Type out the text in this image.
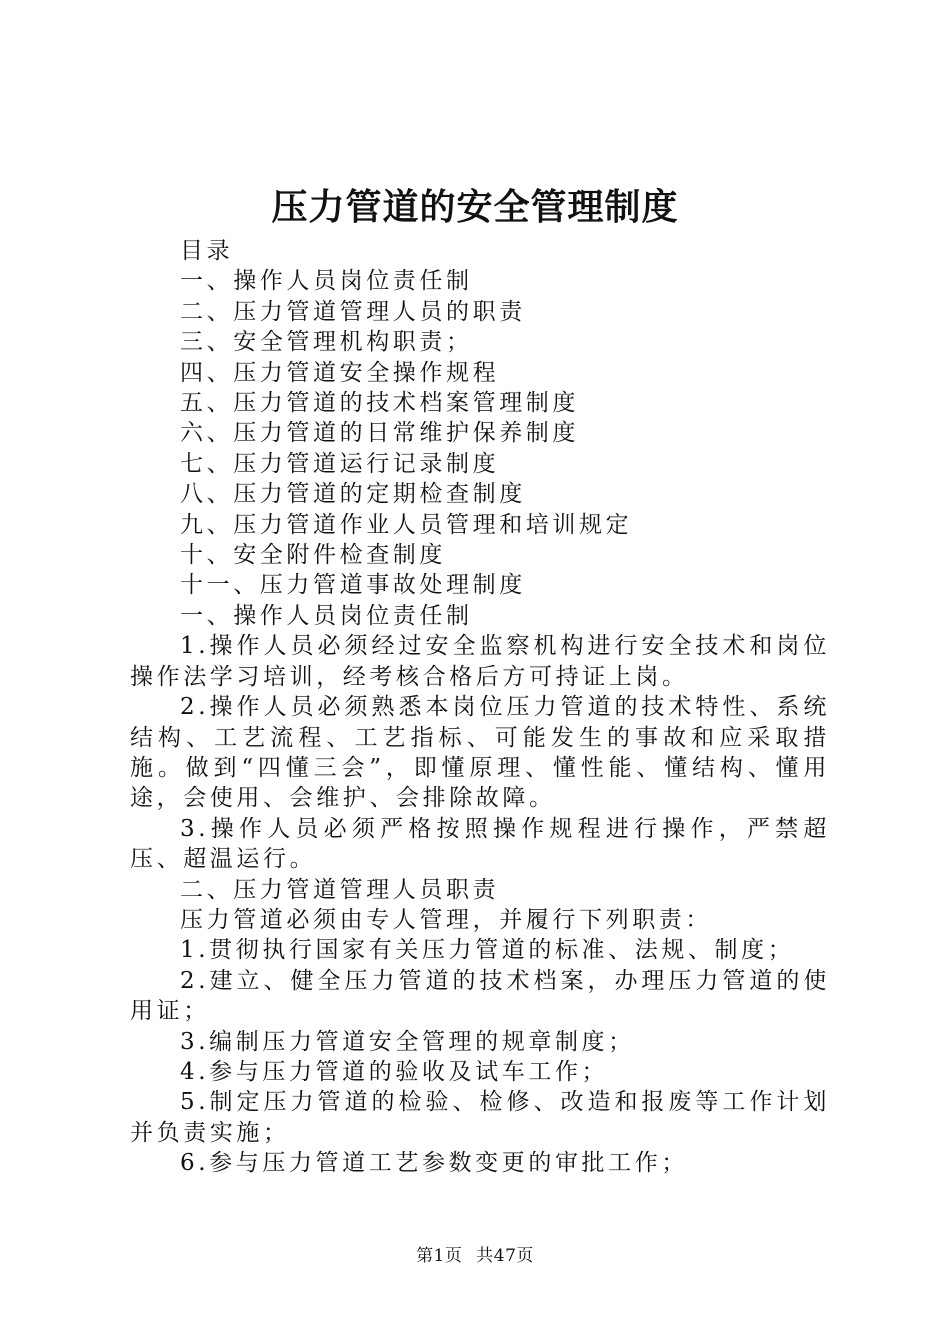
压力管道的安全管理制度

目录

一、操作人员岗位责任制

二、压力管道管理人员的职责

三、安全管理机构职责；

四、压力管道安全操作规程

五、压力管道的技术档案管理制度

六、压力管道的日常维护保养制度

七、压力管道运行记录制度

八、压力管道的定期检查制度

九、压力管道作业人员管理和培训规定

十、安全附件检查制度

十一、压力管道事故处理制度

一、操作人员岗位责任制

1.操作人员必须经过安全监察机构进行安全技术和岗位操作法学习培训，经考核合格后方可持证上岗。

2.操作人员必须熟悉本岗位压力管道的技术特性、系统结构、工艺流程、工艺指标、可能发生的事故和应采取措施。做到“四懂三会”，即懂原理、懂性能、懂结构、懂用途，会使用、会维护、会排除故障。

3.操作人员必须严格按照操作规程进行操作，严禁超压、超温运行。

二、压力管道管理人员职责

压力管道必须由专人管理，并履行下列职责：

1.贯彻执行国家有关压力管道的标准、法规、制度；

2.建立、健全压力管道的技术档案，办理压力管道的使用证；

3.编制压力管道安全管理的规章制度；

4.参与压力管道的验收及试车工作；

5.制定压力管道的检验、检修、改造和报废等工作计划并负责实施；

6.参与压力管道工艺参数变更的审批工作；

第1页 共47页
